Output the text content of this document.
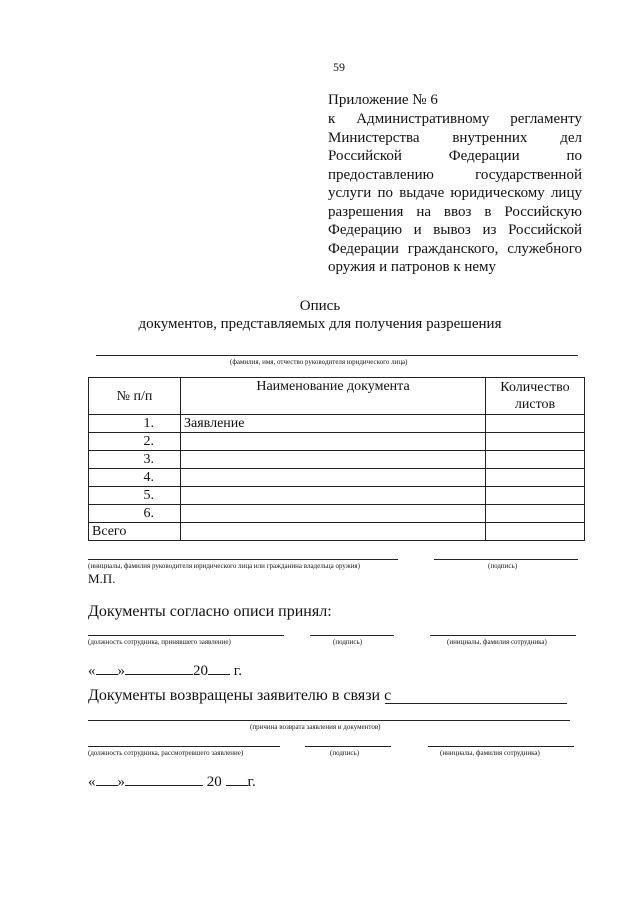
59
Приложение № 6
к Административному регламенту
Министерства внутренних дел
Российской Федерации по
предоставлению государственной
услуги по выдаче юридическому лицу
разрешения на ввоз в Российскую
Федерацию и вывоз из Российской
Федерации гражданского, служебного
оружия и патронов к нему
Опись
документов, представляемых для получения разрешения
(фамилия, имя, отчество руководителя юридического лица)
№ п/п	Наименование документа	Количество листов
1.	Заявление	
2.		
3.		
4.		
5.		
6.		
Всего		
(инициалы, фамилия руководителя юридического лица или гражданина владельца оружия)	(подпись)
М.П.
Документы согласно описи принял:
(должность сотрудника, принявшего заявление)	(подпись)	(инициалы, фамилия сотрудника)
« »	20 г.
Документы возвращены заявителю в связи с
(причина возврата заявления и документов)
(должность сотрудника, рассмотревшего заявление)	(подпись)	(инициалы, фамилия сотрудника)
« »	20 г.
